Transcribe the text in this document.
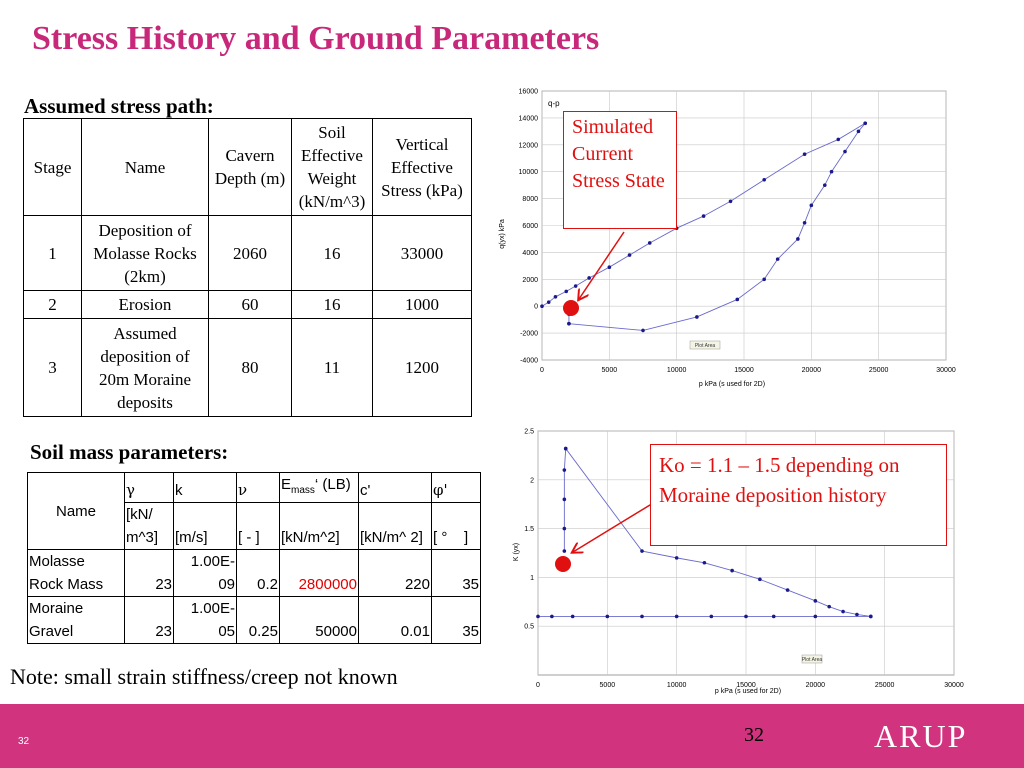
Stress History and Ground Parameters
Assumed stress path:
Stage	Name	Cavern Depth (m)	Soil Effective Weight (kN/m^3)	Vertical Effective Stress (kPa)
1	Deposition of Molasse Rocks (2km)	2060	16	33000
2	Erosion	60	16	1000
3	Assumed deposition of 20m Moraine deposits	80	11	1200
Soil mass parameters:
Name	γ	k	ν	$E_{mass}‘$ (LB)	c'	φ'
	[kN/ m^3]	[m/s]	[ - ]	[kN/m^2]	[kN/m^ 2]	[ °    ]
Molasse Rock Mass	23	1.00E-09	0.2	2800000	220	35
Moraine Gravel	23	1.00E-05	0.25	50000	0.01	35
Note: small strain stiffness/creep not known
0	5000	10000	15000	20000	25000	30000
16000
14000
12000
10000
8000
6000
4000
2000
0
-2000
-4000
q-p
p kPa (s used for 2D)
q(yx) kPa
Plot Area
0	5000	10000	15000	20000	25000	30000
2.5
2
1.5
1
0.5
p kPa (s used for 2D)
K (yx)
Plot Area
Simulated Current Stress State
Ko = 1.1 – 1.5 depending on Moraine deposition history
32	32	ARUP
